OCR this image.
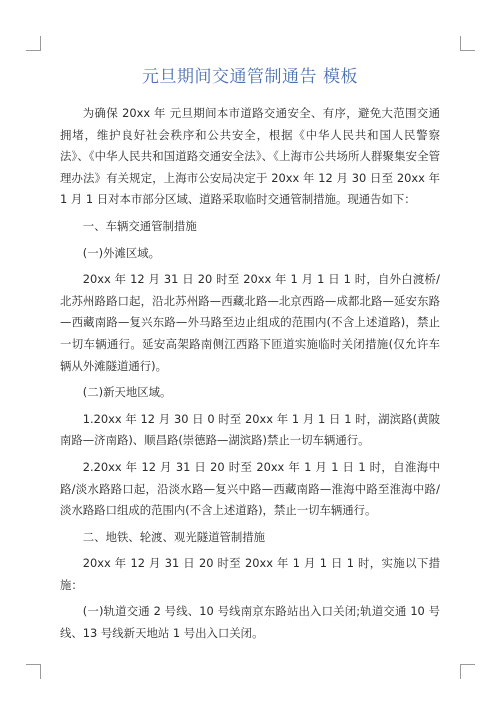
元旦期间交通管制通告 模板

为确保 20xx 年 元旦期间本市道路交通安全、有序，避免大范围交通拥堵，维护良好社会秩序和公共安全，根据《中华人民共和国人民警察法》、《中华人民共和国道路交通安全法》、《上海市公共场所人群聚集安全管理办法》有关规定，上海市公安局决定于 20xx 年 12 月 30 日至 20xx 年 1 月 1 日对本市部分区域、道路采取临时交通管制措施。现通告如下：

一、车辆交通管制措施

(一)外滩区域。

20xx 年 12 月 31 日 20 时至 20xx 年 1 月 1 日 1 时，自外白渡桥/北苏州路路口起，沿北苏州路—西藏北路—北京西路—成都北路—延安东路—西藏南路—复兴东路—外马路至边止组成的范围内(不含上述道路)，禁止一切车辆通行。延安高架路南侧江西路下匝道实施临时关闭措施(仅允许车辆从外滩隧道通行)。

(二)新天地区域。

1.20xx 年 12 月 30 日 0 时至 20xx 年 1 月 1 日 1 时，湖滨路(黄陂南路—济南路)、顺昌路(崇德路—湖滨路)禁止一切车辆通行。

2.20xx 年 12 月 31 日 20 时至 20xx 年 1 月 1 日 1 时，自淮海中路/淡水路路口起，沿淡水路—复兴中路—西藏南路—淮海中路至淮海中路/淡水路路口组成的范围内(不含上述道路)，禁止一切车辆通行。

二、地铁、轮渡、观光隧道管制措施

20xx 年 12 月 31 日 20 时至 20xx 年 1 月 1 日 1 时，实施以下措施：

(一)轨道交通 2 号线、10 号线南京东路站出入口关闭;轨道交通 10 号线、13 号线新天地站 1 号出入口关闭。
